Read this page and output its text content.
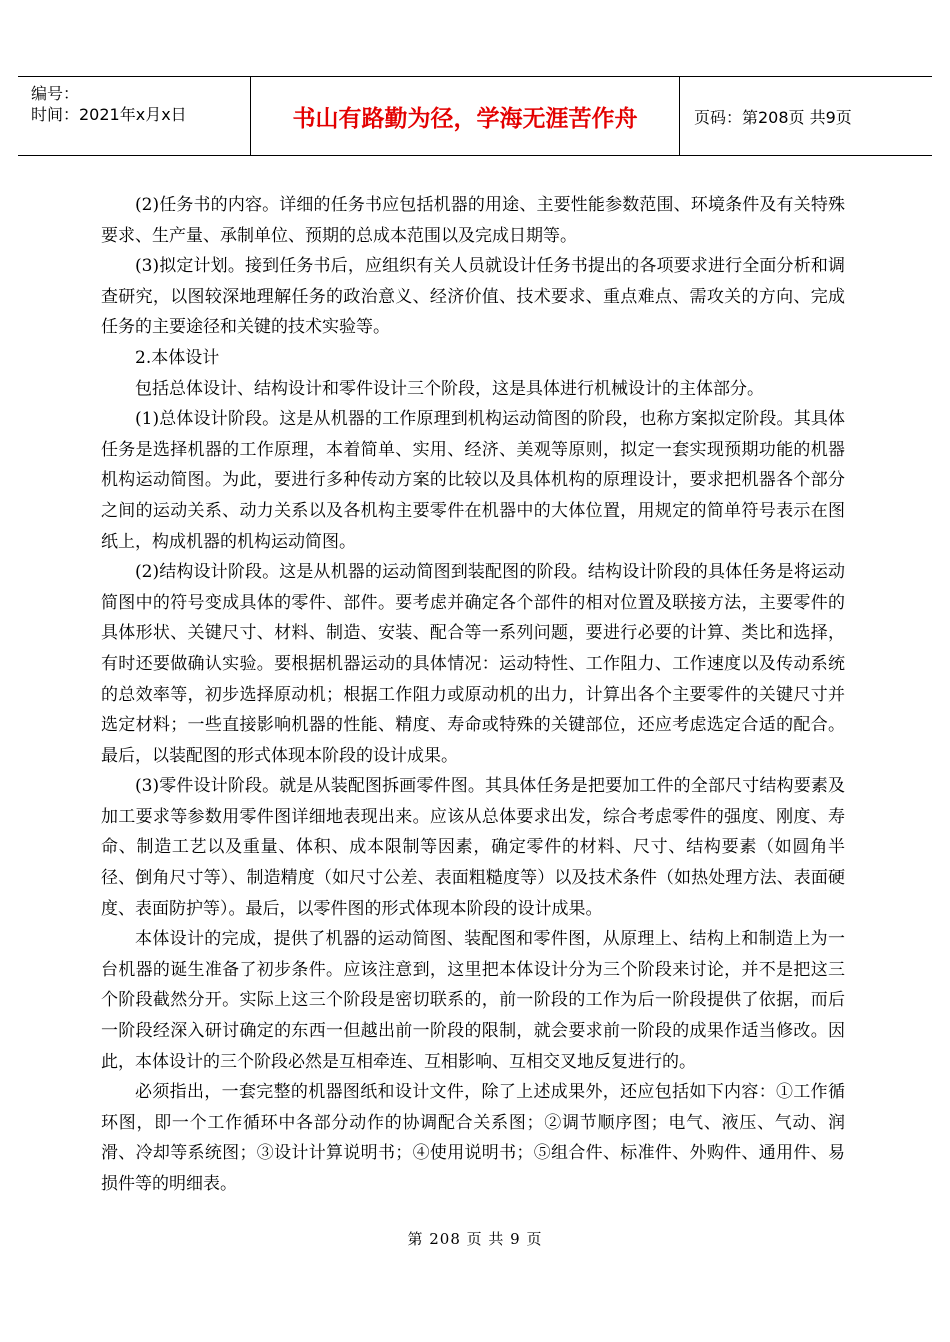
编号：
时间：2021年x月x日	书山有路勤为径，学海无涯苦作舟	页码：第208页 共9页

(2)任务书的内容。详细的任务书应包括机器的用途、主要性能参数范围、环境条件及有关特殊要求、生产量、承制单位、预期的总成本范围以及完成日期等。

(3)拟定计划。接到任务书后，应组织有关人员就设计任务书提出的各项要求进行全面分析和调查研究，以图较深地理解任务的政治意义、经济价值、技术要求、重点难点、需攻关的方向、完成任务的主要途径和关键的技术实验等。

2.本体设计

包括总体设计、结构设计和零件设计三个阶段，这是具体进行机械设计的主体部分。

(1)总体设计阶段。这是从机器的工作原理到机构运动简图的阶段，也称方案拟定阶段。其具体任务是选择机器的工作原理，本着简单、实用、经济、美观等原则，拟定一套实现预期功能的机器机构运动简图。为此，要进行多种传动方案的比较以及具体机构的原理设计，要求把机器各个部分之间的运动关系、动力关系以及各机构主要零件在机器中的大体位置，用规定的简单符号表示在图纸上，构成机器的机构运动简图。

(2)结构设计阶段。这是从机器的运动简图到装配图的阶段。结构设计阶段的具体任务是将运动简图中的符号变成具体的零件、部件。要考虑并确定各个部件的相对位置及联接方法，主要零件的具体形状、关键尺寸、材料、制造、安装、配合等一系列问题，要进行必要的计算、类比和选择，有时还要做确认实验。要根据机器运动的具体情况：运动特性、工作阻力、工作速度以及传动系统的总效率等，初步选择原动机；根据工作阻力或原动机的出力，计算出各个主要零件的关键尺寸并选定材料；一些直接影响机器的性能、精度、寿命或特殊的关键部位，还应考虑选定合适的配合。最后，以装配图的形式体现本阶段的设计成果。

(3)零件设计阶段。就是从装配图拆画零件图。其具体任务是把要加工件的全部尺寸结构要素及加工要求等参数用零件图详细地表现出来。应该从总体要求出发，综合考虑零件的强度、刚度、寿命、制造工艺以及重量、体积、成本限制等因素，确定零件的材料、尺寸、结构要素（如圆角半径、倒角尺寸等）、制造精度（如尺寸公差、表面粗糙度等）以及技术条件（如热处理方法、表面硬度、表面防护等）。最后，以零件图的形式体现本阶段的设计成果。

本体设计的完成，提供了机器的运动简图、装配图和零件图，从原理上、结构上和制造上为一台机器的诞生准备了初步条件。应该注意到，这里把本体设计分为三个阶段来讨论，并不是把这三个阶段截然分开。实际上这三个阶段是密切联系的，前一阶段的工作为后一阶段提供了依据，而后一阶段经深入研讨确定的东西一但越出前一阶段的限制，就会要求前一阶段的成果作适当修改。因此，本体设计的三个阶段必然是互相牵连、互相影响、互相交叉地反复进行的。

必须指出，一套完整的机器图纸和设计文件，除了上述成果外，还应包括如下内容：①工作循环图，即一个工作循环中各部分动作的协调配合关系图；②调节顺序图；电气、液压、气动、润滑、冷却等系统图；③设计计算说明书；④使用说明书；⑤组合件、标准件、外购件、通用件、易损件等的明细表。

第 208 页 共 9 页
